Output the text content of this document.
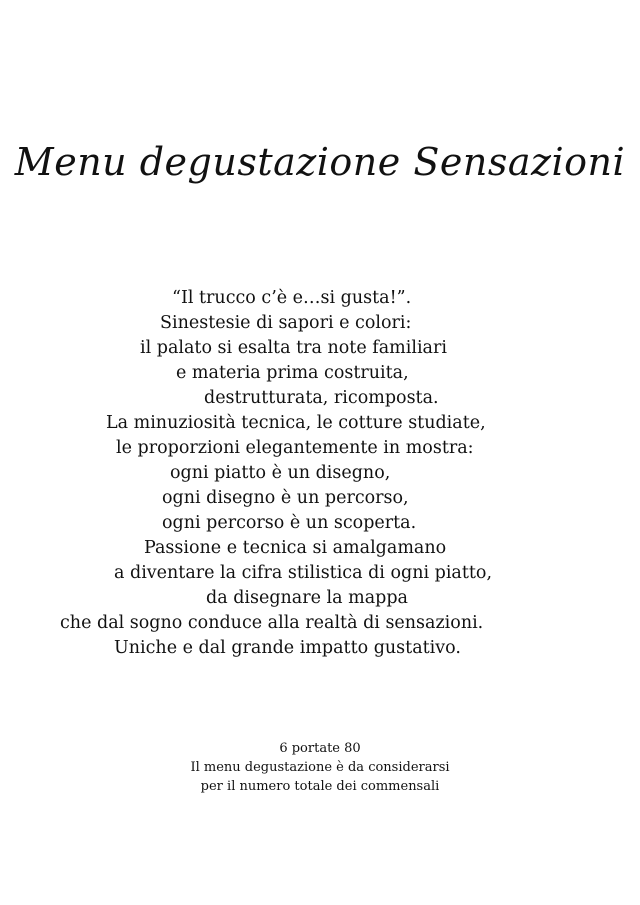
Menu degustazione Sensazioni
“Il trucco c’è e…si gusta!”.
Sinestesie di sapori e colori:
il palato si esalta tra note familiari
e materia prima costruita,
destrutturata, ricomposta.
La minuziosità tecnica, le cotture studiate,
le proporzioni elegantemente in mostra:
ogni piatto è un disegno,
ogni disegno è un percorso,
ogni percorso è un scoperta.
Passione e tecnica si amalgamano
a diventare la cifra stilistica di ogni piatto,
da disegnare la mappa
che dal sogno conduce alla realtà di sensazioni.
Uniche e dal grande impatto gustativo.
6 portate 80
Il menu degustazione è da considerarsi
per il numero totale dei commensali
